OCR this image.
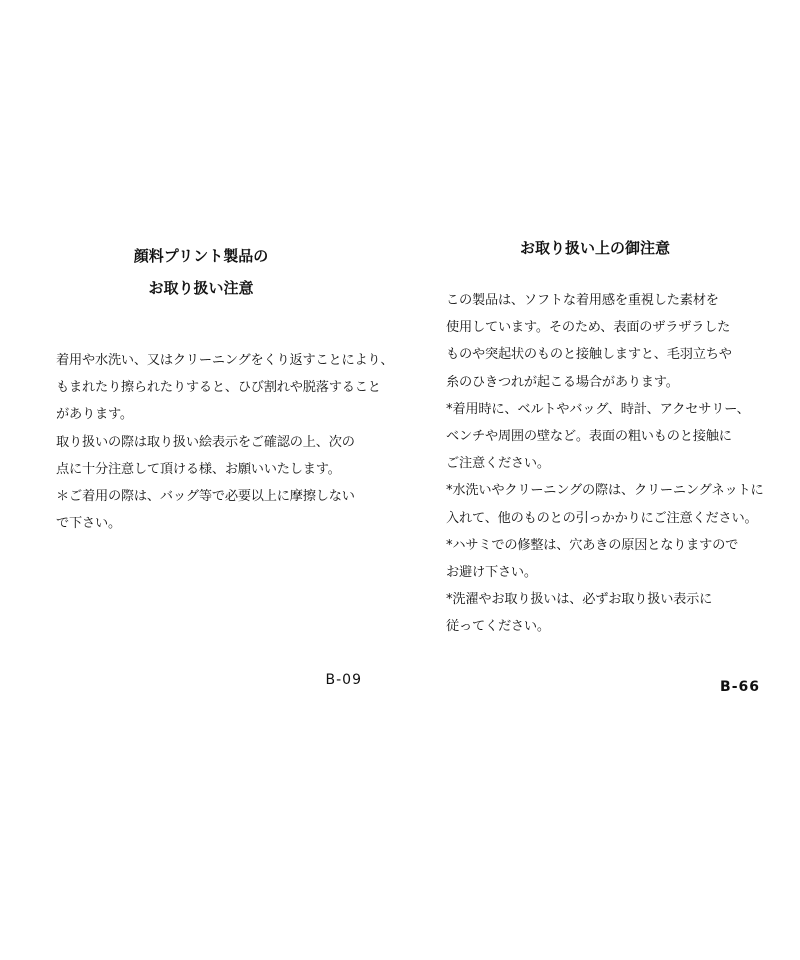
顔料プリント製品の
お取り扱い注意
着用や水洗い、又はクリーニングをくり返すことにより、
もまれたり擦られたりすると、ひび割れや脱落すること
があります。
取り扱いの際は取り扱い絵表示をご確認の上、次の
点に十分注意して頂ける様、お願いいたします。
＊ご着用の際は、バッグ等で必要以上に摩擦しない
で下さい。
B-09
お取り扱い上の御注意
この製品は、ソフトな着用感を重視した素材を
使用しています。そのため、表面のザラザラした
ものや突起状のものと接触しますと、毛羽立ちや
糸のひきつれが起こる場合があります。
*着用時に、ベルトやバッグ、時計、アクセサリー、
ベンチや周囲の壁など。表面の粗いものと接触に
ご注意ください。
*水洗いやクリーニングの際は、クリーニングネットに
入れて、他のものとの引っかかりにご注意ください。
*ハサミでの修整は、穴あきの原因となりますので
お避け下さい。
*洗濯やお取り扱いは、必ずお取り扱い表示に
従ってください。
B-66
